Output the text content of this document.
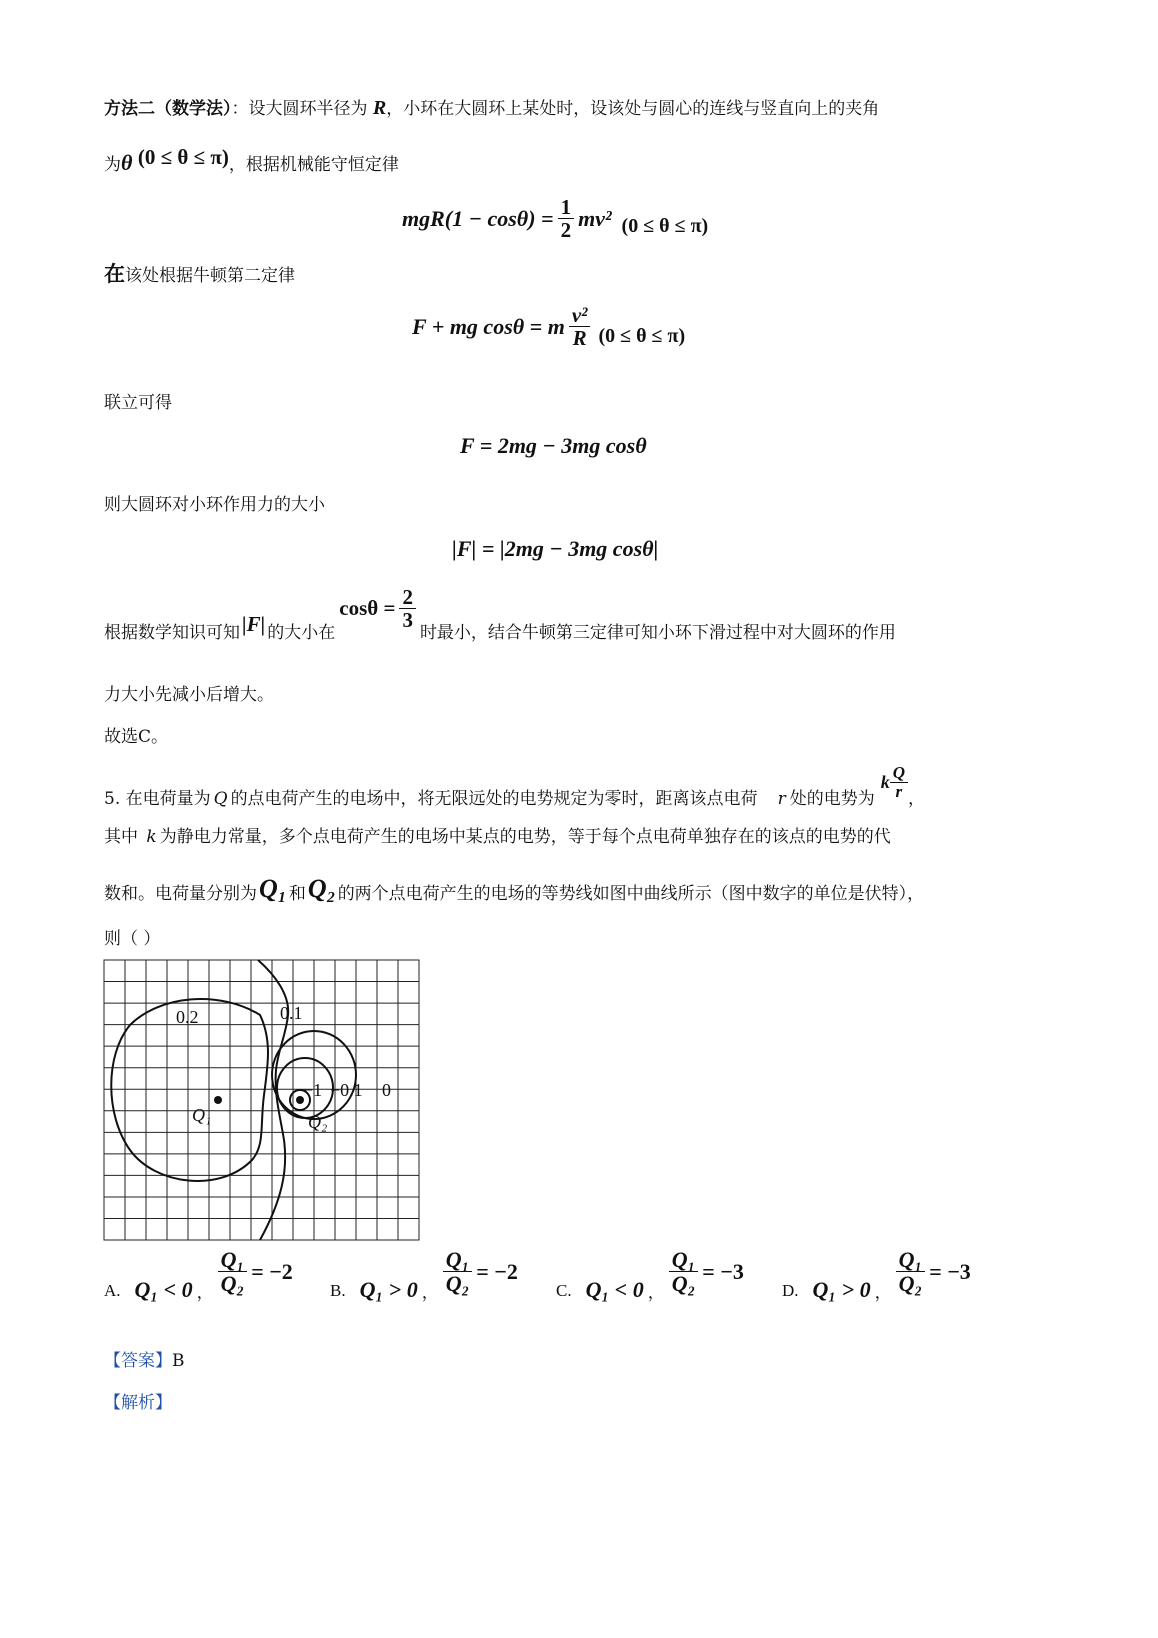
方法二（数学法）：设大圆环半径为 R，小环在大圆环上某处时，设该处与圆心的连线与竖直向上的夹角
为θ (0 ≤ θ ≤ π)，根据机械能守恒定律
$mgR(1 - \cos\theta) = \frac{1}{2} mv^2$ (0 ≤ θ ≤ π)
在该处根据牛顿第二定律
F + mg cosθ = m $\frac{\text{v²}}{R} (0 \le \theta \le \pi)$
联立可得
F = 2mg − 3mg cosθ
则大圆环对小环作用力的大小
|F| = |2mg − 3mg cosθ|
根据数学知识可知 |F| 的大小在
$\cos\theta = \frac{2}{3}$
时最小，结合牛顿第三定律可知小环下滑过程中对大圆环的作用
力大小先减小后增大。
故选C。
5. 在电荷量为 Q 的点电荷产生的电场中，将无限远处的电势规定为零时，距离该点电荷 r 处的电势为
k $\frac{Q}{r}$ ，
其中 k 为静电力常量，多个点电荷产生的电场中某点的电势，等于每个点电荷单独存在的该点的电势的代
数和。电荷量分别为 Q₁ 和 Q₂ 的两个点电荷产生的电场的等势线如图中曲线所示（图中数字的单位是伏特），
则（ ）
0.2	0.1
−1 −0.1 0
Q₁	Q₂
A. Q₁ < 0 ， $\frac{\text{Q₁}}{\text{Q₂}} = -2$
B. Q₁ > 0 ， $\frac{\text{Q₁}}{\text{Q₂}} = -2$
C. Q₁ < 0 ， $\frac{\text{Q₁}}{\text{Q₂}} = -3$
D. Q₁ > 0 ， $\frac{\text{Q₁}}{\text{Q₂}} = -3$
【答案】B
【解析】
